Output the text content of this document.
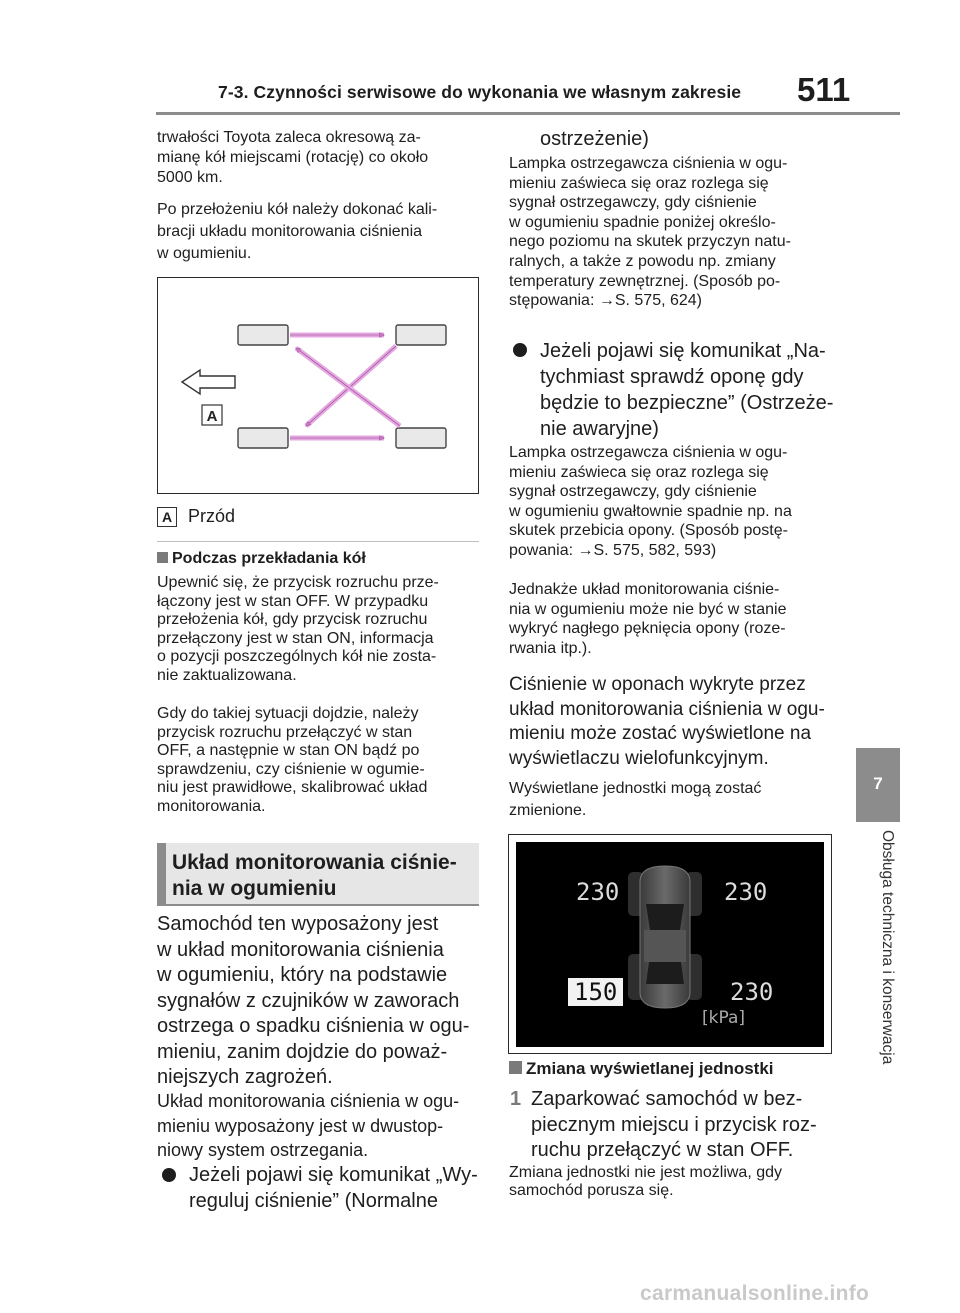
7-3. Czynności serwisowe do wykonania we własnym zakresie 511
7
Obsługa techniczna i konserwacja
trwałości Toyota zaleca okresową za-
mianę kół miejscami (rotację) co około
5000 km.
Po przełożeniu kół należy dokonać kali-
bracji układu monitorowania ciśnienia
w ogumieniu.
A
A Przód
Podczas przekładania kół
Upewnić się, że przycisk rozruchu prze-
łączony jest w stan OFF. W przypadku
przełożenia kół, gdy przycisk rozruchu
przełączony jest w stan ON, informacja
o pozycji poszczególnych kół nie zosta-
nie zaktualizowana.
Gdy do takiej sytuacji dojdzie, należy
przycisk rozruchu przełączyć w stan
OFF, a następnie w stan ON bądź po
sprawdzeniu, czy ciśnienie w ogumie-
niu jest prawidłowe, skalibrować układ
monitorowania.
Układ monitorowania ciśnie-
nia w ogumieniu
Samochód ten wyposażony jest
w układ monitorowania ciśnienia
w ogumieniu, który na podstawie
sygnałów z czujników w zaworach
ostrzega o spadku ciśnienia w ogu-
mieniu, zanim dojdzie do poważ-
niejszych zagrożeń.
Układ monitorowania ciśnienia w ogu-
mieniu wyposażony jest w dwustop-
niowy system ostrzegania.
Jeżeli pojawi się komunikat „Wy-
reguluj ciśnienie” (Normalne
ostrzeżenie)
Lampka ostrzegawcza ciśnienia w ogu-
mieniu zaświeca się oraz rozlega się
sygnał ostrzegawczy, gdy ciśnienie
w ogumieniu spadnie poniżej określo-
nego poziomu na skutek przyczyn natu-
ralnych, a także z powodu np. zmiany
temperatury zewnętrznej. (Sposób po-
stępowania: →S. 575, 624)
Jeżeli pojawi się komunikat „Na-
tychmiast sprawdź oponę gdy
będzie to bezpieczne” (Ostrzeże-
nie awaryjne)
Lampka ostrzegawcza ciśnienia w ogu-
mieniu zaświeca się oraz rozlega się
sygnał ostrzegawczy, gdy ciśnienie
w ogumieniu gwałtownie spadnie np. na
skutek przebicia opony. (Sposób postę-
powania: →S. 575, 582, 593)
Jednakże układ monitorowania ciśnie-
nia w ogumieniu może nie być w stanie
wykryć nagłego pęknięcia opony (roze-
rwania itp.).
Ciśnienie w oponach wykryte przez
układ monitorowania ciśnienia w ogu-
mieniu może zostać wyświetlone na
wyświetlaczu wielofunkcyjnym.
Wyświetlane jednostki mogą zostać
zmienione.
230	230
150	230
[kPa]
Zmiana wyświetlanej jednostki
1 Zaparkować samochód w bez-
piecznym miejscu i przycisk roz-
ruchu przełączyć w stan OFF.
Zmiana jednostki nie jest możliwa, gdy
samochód porusza się.
carmanualsonline.info
